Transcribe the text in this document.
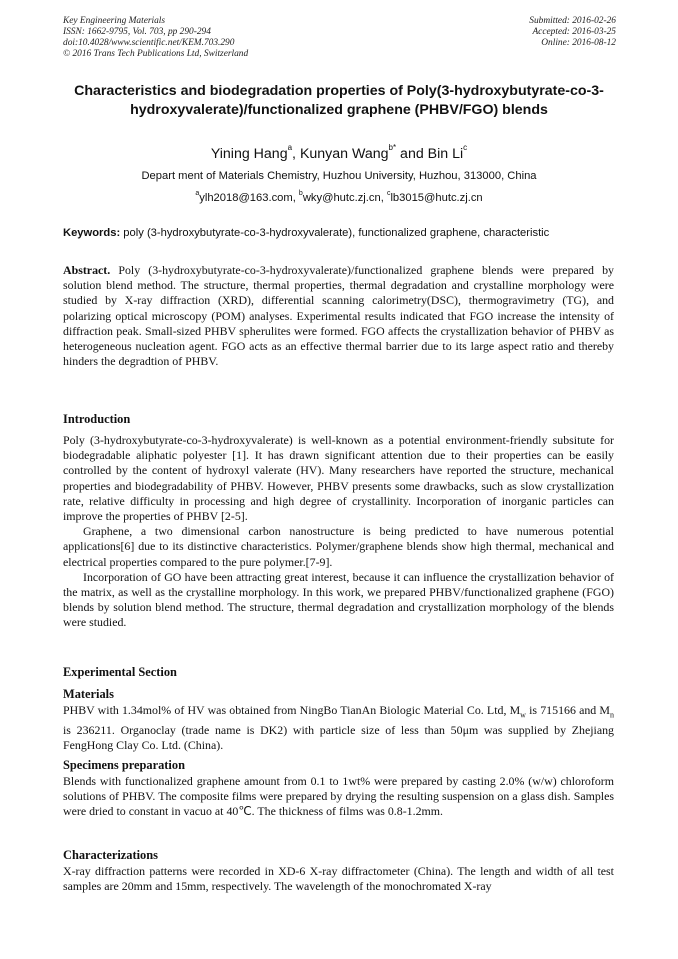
Key Engineering Materials
ISSN: 1662-9795, Vol. 703, pp 290-294
doi:10.4028/www.scientific.net/KEM.703.290
© 2016 Trans Tech Publications Ltd, Switzerland
Submitted: 2016-02-26
Accepted: 2016-03-25
Online: 2016-08-12
Characteristics and biodegradation properties of Poly(3-hydroxybutyrate-co-3-hydroxyvalerate)/functionalized graphene (PHBV/FGO) blends
Yining Hang$^a$, Kunyan Wang$^{b*}$ and Bin Li$^c$
Depart ment of Materials Chemistry, Huzhou University, Huzhou, 313000, China
$^a$ylh2018@163.com, $^b$wky@hutc.zj.cn, $^c$lb3015@hutc.zj.cn
Keywords: poly (3-hydroxybutyrate-co-3-hydroxyvalerate), functionalized graphene, characteristic

Abstract. Poly (3-hydroxybutyrate-co-3-hydroxyvalerate)/functionalized graphene blends were prepared by solution blend method. The structure, thermal properties, thermal degradation and crystalline morphology were studied by X-ray diffraction (XRD), differential scanning calorimetry(DSC), thermogravimetry (TG), and polarizing optical microscopy (POM) analyses. Experimental results indicated that FGO increase the intensity of diffraction peak. Small-sized PHBV spherulites were formed. FGO affects the crystallization behavior of PHBV as heterogeneous nucleation agent. FGO acts as an effective thermal barrier due to its large aspect ratio and thereby hinders the degradtion of PHBV.

Introduction

Poly (3-hydroxybutyrate-co-3-hydroxyvalerate) is well-known as a potential environment-friendly subsitute for biodegradable aliphatic polyester [1]. It has drawn significant attention due to their properties can be easily controlled by the content of hydroxyl valerate (HV). Many researchers have reported the structure, mechanical properties and biodegradability of PHBV. However, PHBV presents some drawbacks, such as slow crystallization rate, relative difficulty in processing and high degree of crystallinity. Incorporation of inorganic particles can improve the properties of PHBV [2-5].

Graphene, a two dimensional carbon nanostructure is being predicted to have numerous potential applications[6] due to its distinctive characteristics. Polymer/graphene blends show high thermal, mechanical and electrical properties compared to the pure polymer.[7-9].

Incorporation of GO have been attracting great interest, because it can influence the crystallization behavior of the matrix, as well as the crystalline morphology. In this work, we prepared PHBV/functionalized graphene (FGO) blends by solution blend method. The structure, thermal degradation and crystallization morphology of the blends were studied.

Experimental Section
Materials

PHBV with 1.34mol% of HV was obtained from NingBo TianAn Biologic Material Co. Ltd, $M_w$ is 715166 and $M_n$ is 236211. Organoclay (trade name is DK2) with particle size of less than 50μm was supplied by Zhejiang FengHong Clay Co. Ltd. (China).

Specimens preparation
Blends with functionalized graphene amount from 0.1 to 1wt% were prepared by casting 2.0% (w/w) chloroform solutions of PHBV. The composite films were prepared by drying the resulting suspension on a glass dish. Samples were dried to constant in vacuo at 40℃. The thickness of films was 0.8-1.2mm.
Characterizations
X-ray diffraction patterns were recorded in XD-6 X-ray diffractometer (China). The length and width of all test samples are 20mm and 15mm, respectively. The wavelength of the monochromated X-ray
